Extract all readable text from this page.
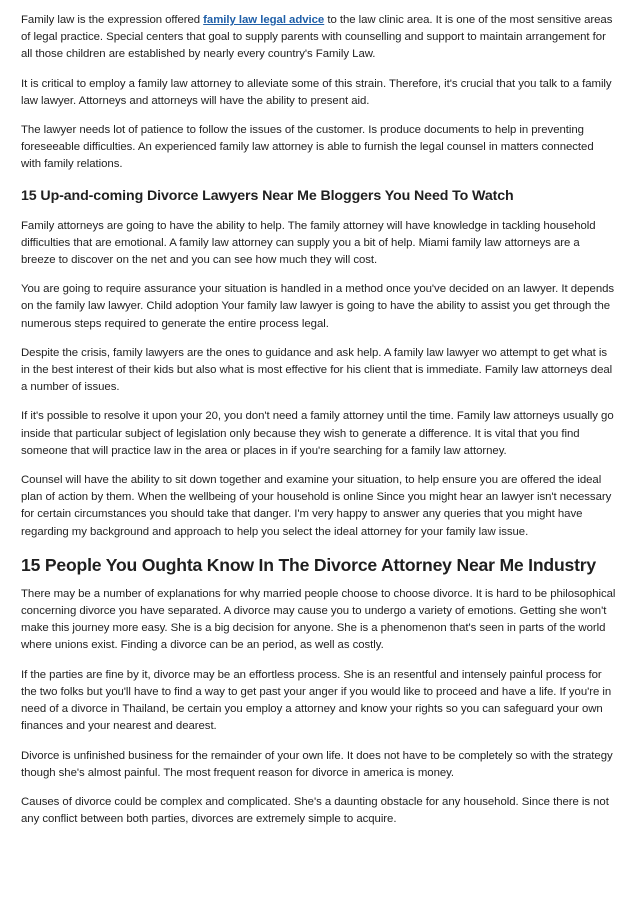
Family law is the expression offered family law legal advice to the law clinic area. It is one of the most sensitive areas of legal practice. Special centers that goal to supply parents with counselling and support to maintain arrangement for all those children are established by nearly every country's Family Law.

It is critical to employ a family law attorney to alleviate some of this strain. Therefore, it's crucial that you talk to a family law lawyer. Attorneys and attorneys will have the ability to present aid.

The lawyer needs lot of patience to follow the issues of the customer. Is produce documents to help in preventing foreseeable difficulties. An experienced family law attorney is able to furnish the legal counsel in matters connected with family relations.

15 Up-and-coming Divorce Lawyers Near Me Bloggers You Need To Watch

Family attorneys are going to have the ability to help. The family attorney will have knowledge in tackling household difficulties that are emotional. A family law attorney can supply you a bit of help. Miami family law attorneys are a breeze to discover on the net and you can see how much they will cost.

You are going to require assurance your situation is handled in a method once you've decided on an lawyer. It depends on the family law lawyer. Child adoption Your family law lawyer is going to have the ability to assist you get through the numerous steps required to generate the entire process legal.

Despite the crisis, family lawyers are the ones to guidance and ask help. A family law lawyer wo attempt to get what is in the best interest of their kids but also what is most effective for his client that is immediate. Family law attorneys deal a number of issues.

If it's possible to resolve it upon your 20, you don't need a family attorney until the time. Family law attorneys usually go inside that particular subject of legislation only because they wish to generate a difference. It is vital that you find someone that will practice law in the area or places in if you're searching for a family law attorney.

Counsel will have the ability to sit down together and examine your situation, to help ensure you are offered the ideal plan of action by them. When the wellbeing of your household is online Since you might hear an lawyer isn't necessary for certain circumstances you should take that danger. I'm very happy to answer any queries that you might have regarding my background and approach to help you select the ideal attorney for your family law issue.

15 People You Oughta Know In The Divorce Attorney Near Me Industry

There may be a number of explanations for why married people choose to choose divorce. It is hard to be philosophical concerning divorce you have separated. A divorce may cause you to undergo a variety of emotions. Getting she won't make this journey more easy. She is a big decision for anyone. She is a phenomenon that's seen in parts of the world where unions exist. Finding a divorce can be an period, as well as costly.

If the parties are fine by it, divorce may be an effortless process. She is an resentful and intensely painful process for the two folks but you'll have to find a way to get past your anger if you would like to proceed and have a life. If you're in need of a divorce in Thailand, be certain you employ a attorney and know your rights so you can safeguard your own finances and your nearest and dearest.

Divorce is unfinished business for the remainder of your own life. It does not have to be completely so with the strategy though she's almost painful. The most frequent reason for divorce in america is money.

Causes of divorce could be complex and complicated. She's a daunting obstacle for any household. Since there is not any conflict between both parties, divorces are extremely simple to acquire.
